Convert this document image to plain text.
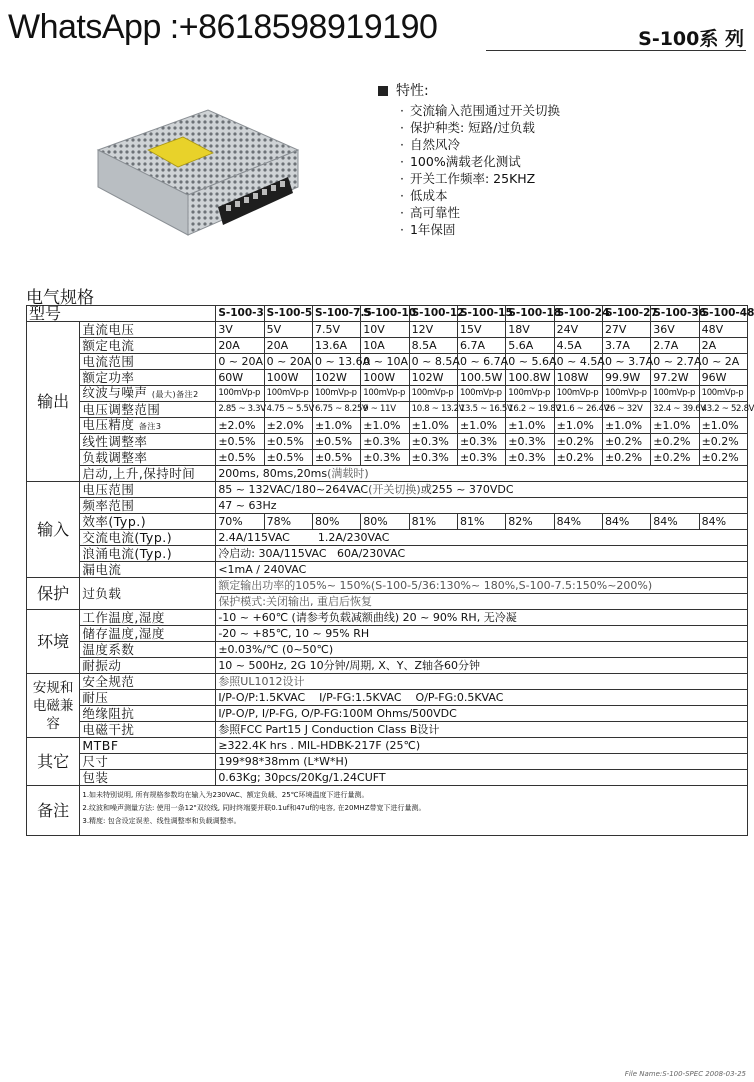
WhatsApp :+8618598919190	S-100系 列
特性:
· 交流输入范围通过开关切换
· 保护种类: 短路/过负载
· 自然风冷
· 100%满载老化测试
· 开关工作频率: 25KHZ
· 低成本
· 高可靠性
· 1年保固
电气规格
型号		S-100-3	S-100-5	S-100-7.5	S-100-10	S-100-12	S-100-15	S-100-18	S-100-24	S-100-27	S-100-36	S-100-48
输出	直流电压	3V	5V	7.5V	10V	12V	15V	18V	24V	27V	36V	48V
	额定电流	20A	20A	13.6A	10A	8.5A	6.7A	5.6A	4.5A	3.7A	2.7A	2A
	电流范围	0 ~ 20A	0 ~ 20A	0 ~ 13.6A	0 ~ 10A	0 ~ 8.5A	0 ~ 6.7A	0 ~ 5.6A	0 ~ 4.5A	0 ~ 3.7A	0 ~ 2.7A	0 ~ 2A
	额定功率	60W	100W	102W	100W	102W	100.5W	100.8W	108W	99.9W	97.2W	96W
	纹波与噪声 (最大)备注2	100mVp-p	100mVp-p	100mVp-p	100mVp-p	100mVp-p	100mVp-p	100mVp-p	100mVp-p	100mVp-p	100mVp-p	100mVp-p
	电压调整范围	2.85 ~ 3.3V	4.75 ~ 5.5V	6.75 ~ 8.25V	9 ~ 11V	10.8 ~ 13.2V	13.5 ~ 16.5V	16.2 ~ 19.8V	21.6 ~ 26.4V	26 ~ 32V	32.4 ~ 39.6V	43.2 ~ 52.8V
	电压精度 备注3	±2.0%	±2.0%	±1.0%	±1.0%	±1.0%	±1.0%	±1.0%	±1.0%	±1.0%	±1.0%	±1.0%
	线性调整率	±0.5%	±0.5%	±0.5%	±0.3%	±0.3%	±0.3%	±0.3%	±0.2%	±0.2%	±0.2%	±0.2%
	负载调整率	±0.5%	±0.5%	±0.5%	±0.3%	±0.3%	±0.3%	±0.3%	±0.2%	±0.2%	±0.2%	±0.2%
	启动,上升,保持时间	200ms, 80ms,20ms(满载时)										
输入	电压范围	85 ~ 132VAC/180~264VAC(开关切换)或255 ~ 370VDC										
	频率范围	47 ~ 63Hz										
	效率(Typ.)	70%	78%	80%	80%	81%	81%	82%	84%	84%	84%	84%
	交流电流(Typ.)	2.4A/115VAC        1.2A/230VAC										
	浪涌电流(Typ.)	冷启动: 30A/115VAC   60A/230VAC										
	漏电流	<1mA / 240VAC										
保护	过负载	额定输出功率的105%~ 150%(S-100-5/36:130%~ 180%,S-100-7.5:150%~200%)										
		保护模式:关闭输出, 重启后恢复										
环境	工作温度,湿度	-10 ~ +60℃ (请参考负载减额曲线) 20 ~ 90% RH, 无冷凝										
	储存温度,湿度	-20 ~ +85℃, 10 ~ 95% RH										
	温度系数	±0.03%/℃ (0~50℃)										
	耐振动	10 ~ 500Hz, 2G 10分钟/周期, X、Y、Z轴各60分钟										
安规和电磁兼容	安全规范	参照UL1012设计										
	耐压	I/P-O/P:1.5KVAC    I/P-FG:1.5KVAC    O/P-FG:0.5KVAC										
	绝缘阻抗	I/P-O/P, I/P-FG, O/P-FG:100M Ohms/500VDC										
	电磁干扰	参照FCC Part15 J Conduction Class B设计										
其它	MTBF	≥322.4K hrs . MIL-HDBK-217F (25℃)										
	尺寸	199*98*38mm (L*W*H)										
	包装	0.63Kg; 30pcs/20Kg/1.24CUFT										
备注	1.如未特别说明, 所有规格参数均在输入为230VAC、额定负载、25℃环境温度下进行量测。
2.纹波和噪声测量方法: 使用一条12"双绞线, 同时终端要并联0.1uf和47uf的电容, 在20MHZ带宽下进行量测。
3.精度: 包含设定误差、线性调整率和负载调整率。											
File Name:S-100-SPEC 2008-03-25
